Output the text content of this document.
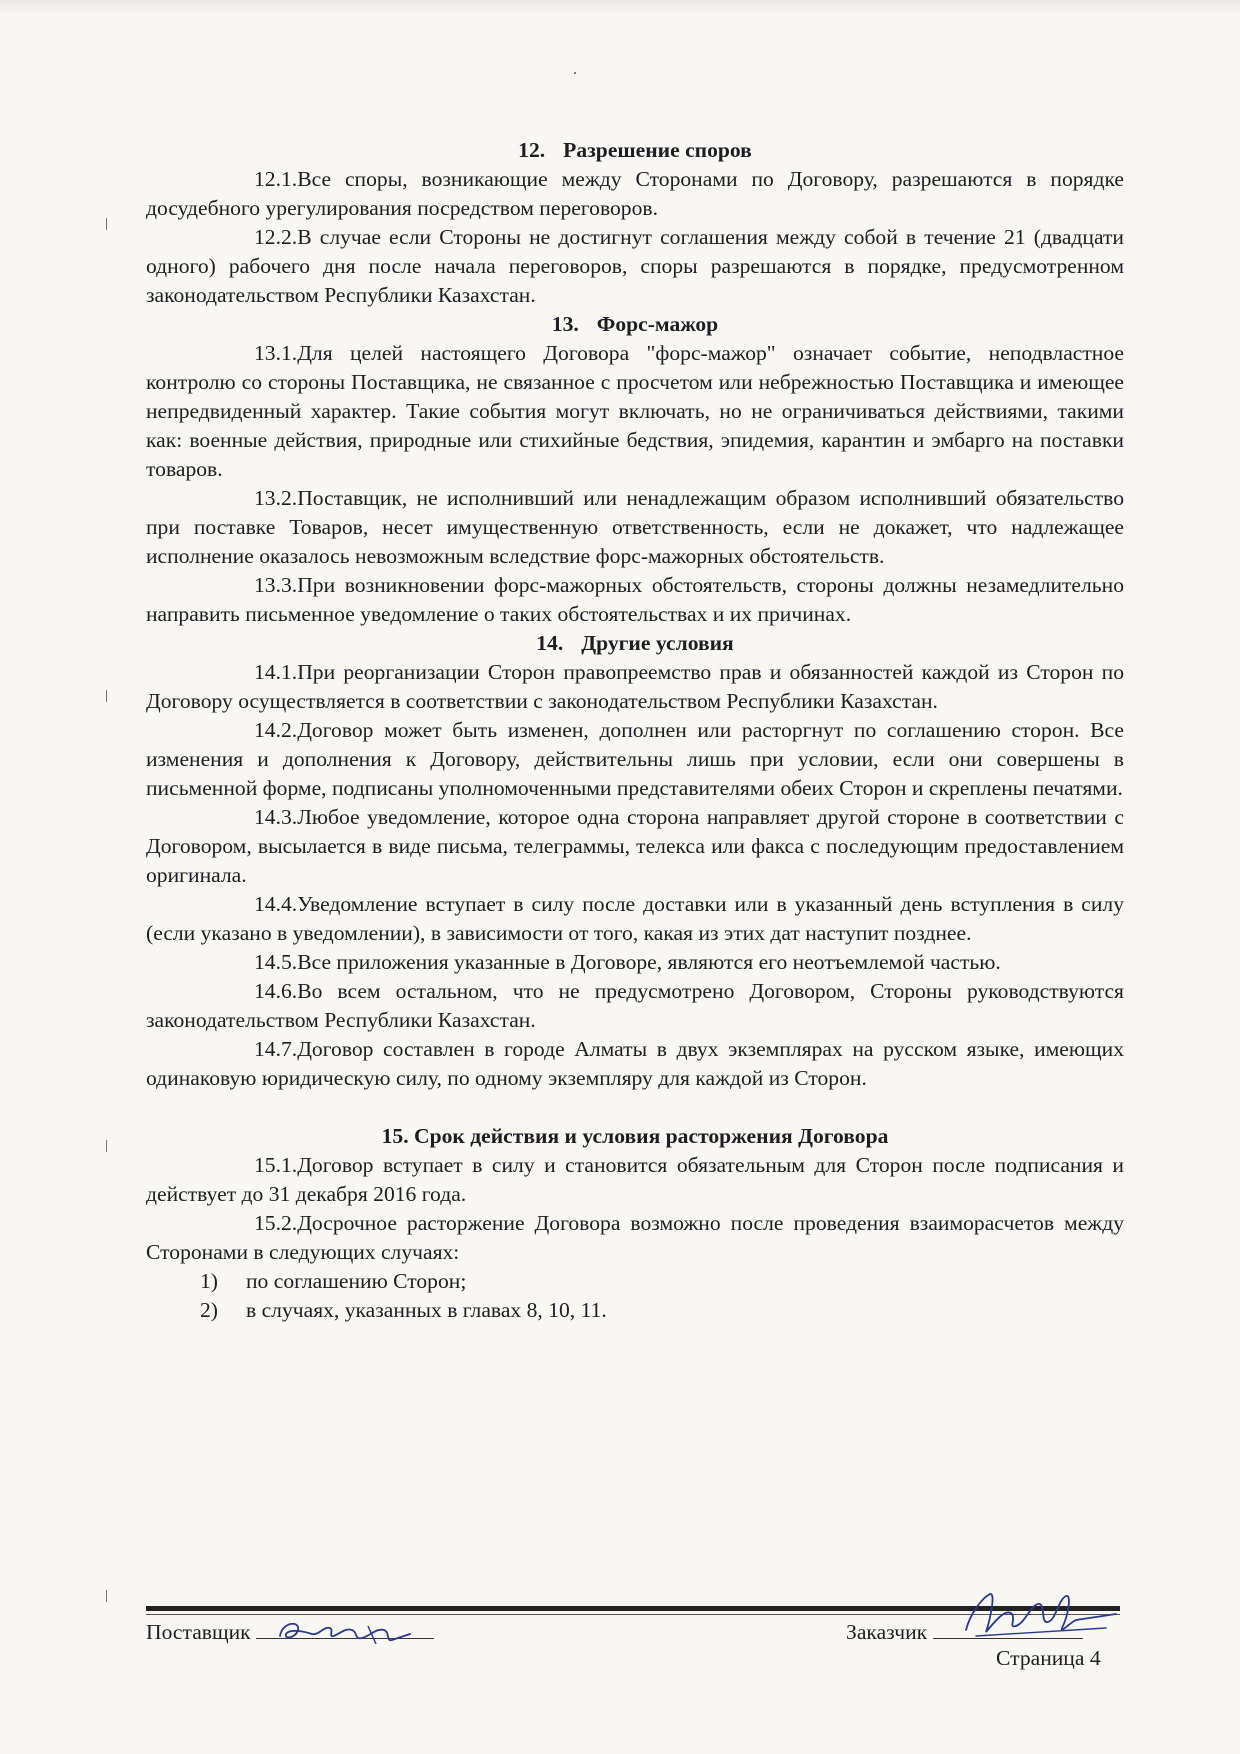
12. Разрешение споров

12.1.Все споры, возникающие между Сторонами по Договору, разрешаются в порядке досудебного урегулирования посредством переговоров.

12.2.В случае если Стороны не достигнут соглашения между собой в течение 21 (двадцати одного) рабочего дня после начала переговоров, споры разрешаются в порядке, предусмотренном законодательством Республики Казахстан.

13. Форс-мажор

13.1.Для целей настоящего Договора "форс-мажор" означает событие, неподвластное контролю со стороны Поставщика, не связанное с просчетом или небрежностью Поставщика и имеющее непредвиденный характер. Такие события могут включать, но не ограничиваться действиями, такими как: военные действия, природные или стихийные бедствия, эпидемия, карантин и эмбарго на поставки товаров.

13.2.Поставщик, не исполнивший или ненадлежащим образом исполнивший обязательство при поставке Товаров, несет имущественную ответственность, если не докажет, что надлежащее исполнение оказалось невозможным вследствие форс-мажорных обстоятельств.

13.3.При возникновении форс-мажорных обстоятельств, стороны должны незамедлительно направить письменное уведомление о таких обстоятельствах и их причинах.

14. Другие условия

14.1.При реорганизации Сторон правопреемство прав и обязанностей каждой из Сторон по Договору осуществляется в соответствии с законодательством Республики Казахстан.

14.2.Договор может быть изменен, дополнен или расторгнут по соглашению сторон. Все изменения и дополнения к Договору, действительны лишь при условии, если они совершены в письменной форме, подписаны уполномоченными представителями обеих Сторон и скреплены печатями.

14.3.Любое уведомление, которое одна сторона направляет другой стороне в соответствии с Договором, высылается в виде письма, телеграммы, телекса или факса с последующим предоставлением оригинала.

14.4.Уведомление вступает в силу после доставки или в указанный день вступления в силу (если указано в уведомлении), в зависимости от того, какая из этих дат наступит позднее.

14.5.Все приложения указанные в Договоре, являются его неотъемлемой частью.

14.6.Во всем остальном, что не предусмотрено Договором, Стороны руководствуются законодательством Республики Казахстан.

14.7.Договор составлен в городе Алматы в двух экземплярах на русском языке, имеющих одинаковую юридическую силу, по одному экземпляру для каждой из Сторон.

15. Срок действия и условия расторжения Договора

15.1.Договор вступает в силу и становится обязательным для Сторон после подписания и действует до 31 декабря 2016 года.

15.2.Досрочное расторжение Договора возможно после проведения взаиморасчетов между Сторонами в следующих случаях:

1) по соглашению Сторон;

2) в случаях, указанных в главах 8, 10, 11.

Поставщик	Заказчик
Страница 4
